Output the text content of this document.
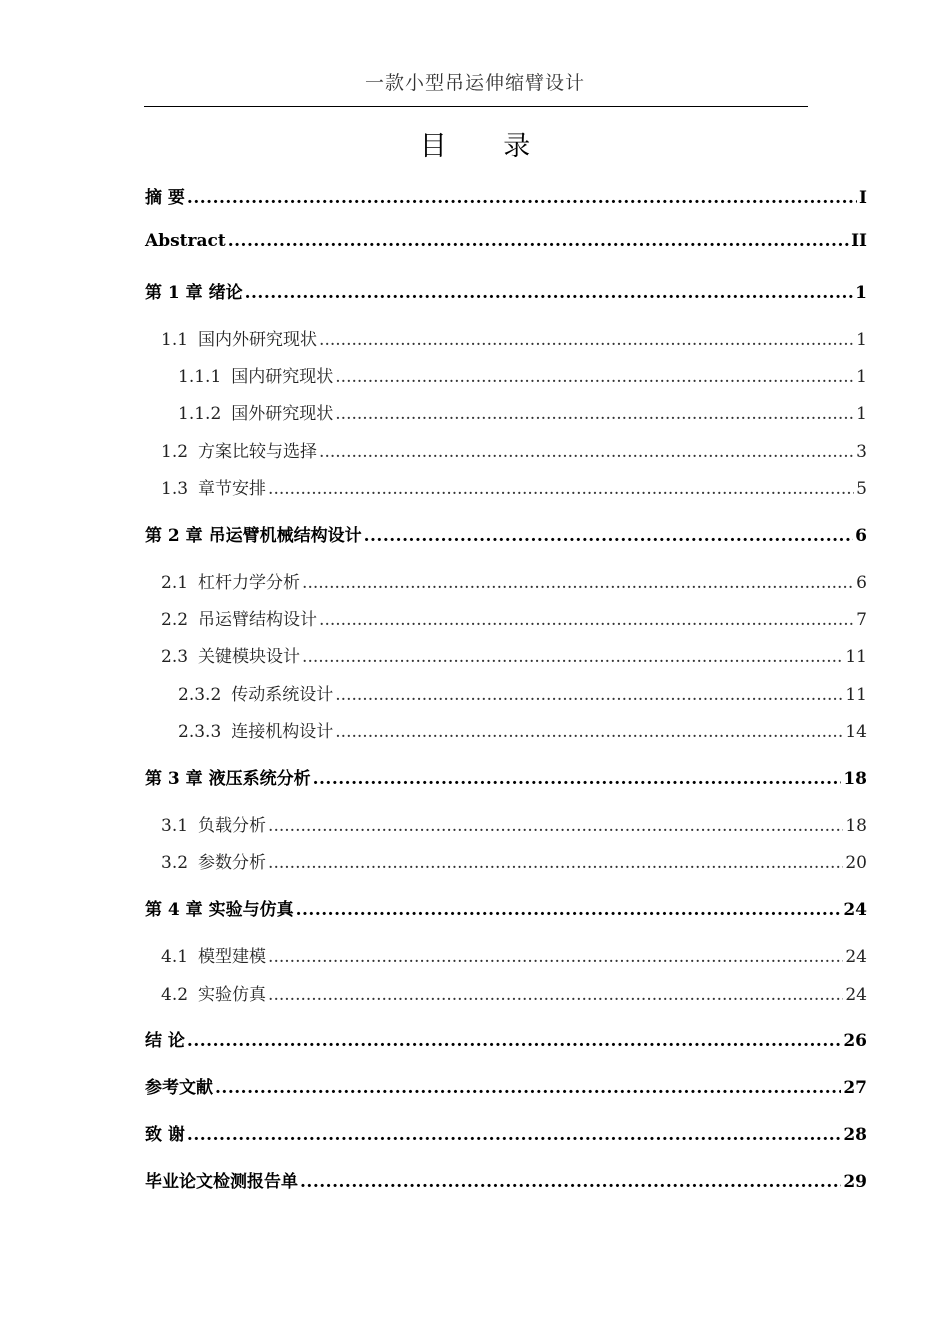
一款小型吊运伸缩臂设计
目 录
摘 要 .....	I
Abstract .....	II
第 1 章 绪论 .....	1
1.1 国内外研究现状 .....	1
1.1.1 国内研究现状 .....	1
1.1.2 国外研究现状 .....	1
1.2 方案比较与选择 .....	3
1.3 章节安排 .....	5
第 2 章 吊运臂机械结构设计 .....	6
2.1 杠杆力学分析 .....	6
2.2 吊运臂结构设计 .....	7
2.3 关键模块设计 .....	11
2.3.2 传动系统设计 .....	11
2.3.3 连接机构设计 .....	14
第 3 章 液压系统分析 .....	18
3.1 负载分析 .....	18
3.2 参数分析 .....	20
第 4 章 实验与仿真 .....	24
4.1 模型建模 .....	24
4.2 实验仿真 .....	24
结 论 .....	26
参考文献 .....	27
致 谢 .....	28
毕业论文检测报告单 .....	29
